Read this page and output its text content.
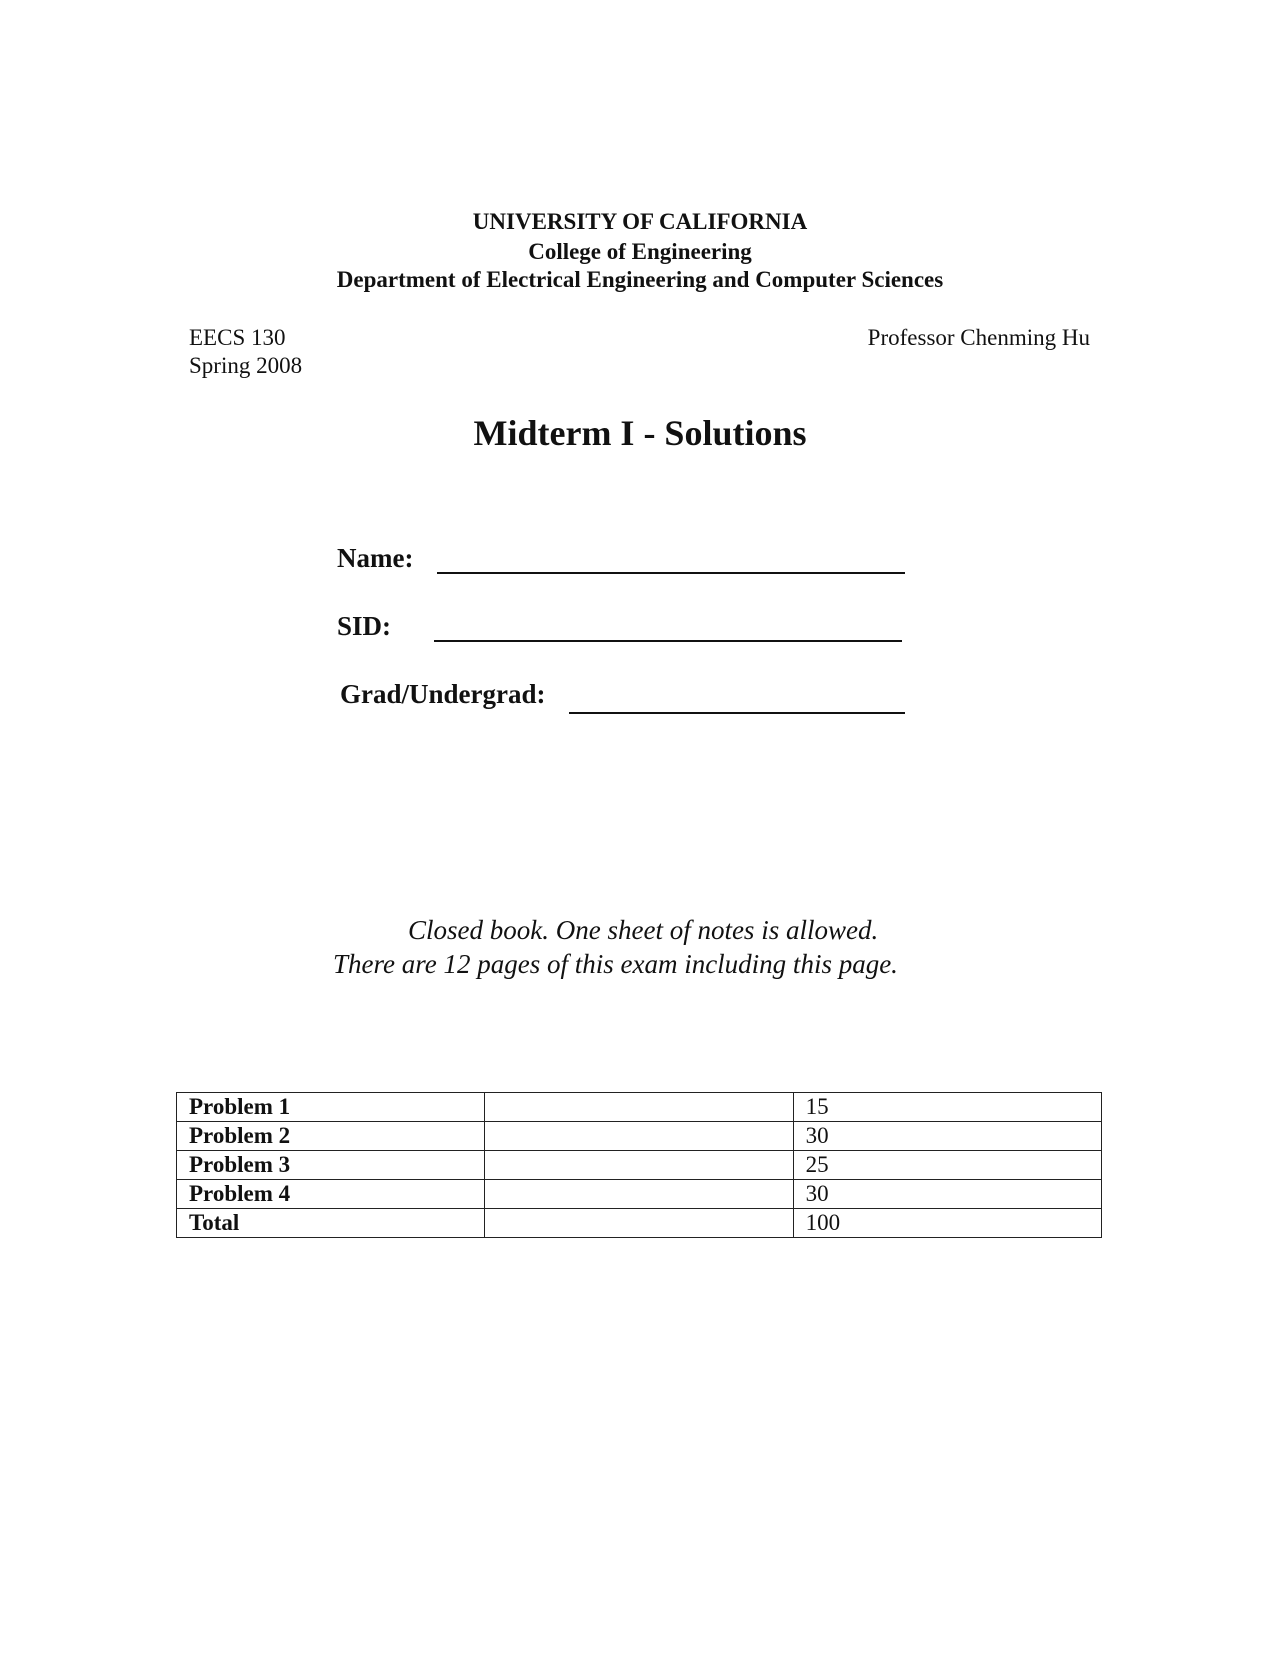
UNIVERSITY OF CALIFORNIA
College of Engineering
Department of Electrical Engineering and Computer Sciences
EECS 130
Spring 2008
Professor Chenming Hu
Midterm I - Solutions
Name:
SID:
Grad/Undergrad:
Closed book. One sheet of notes is allowed.
There are 12 pages of this exam including this page.
Problem 1		15
Problem 2		30
Problem 3		25
Problem 4		30
Total		100
